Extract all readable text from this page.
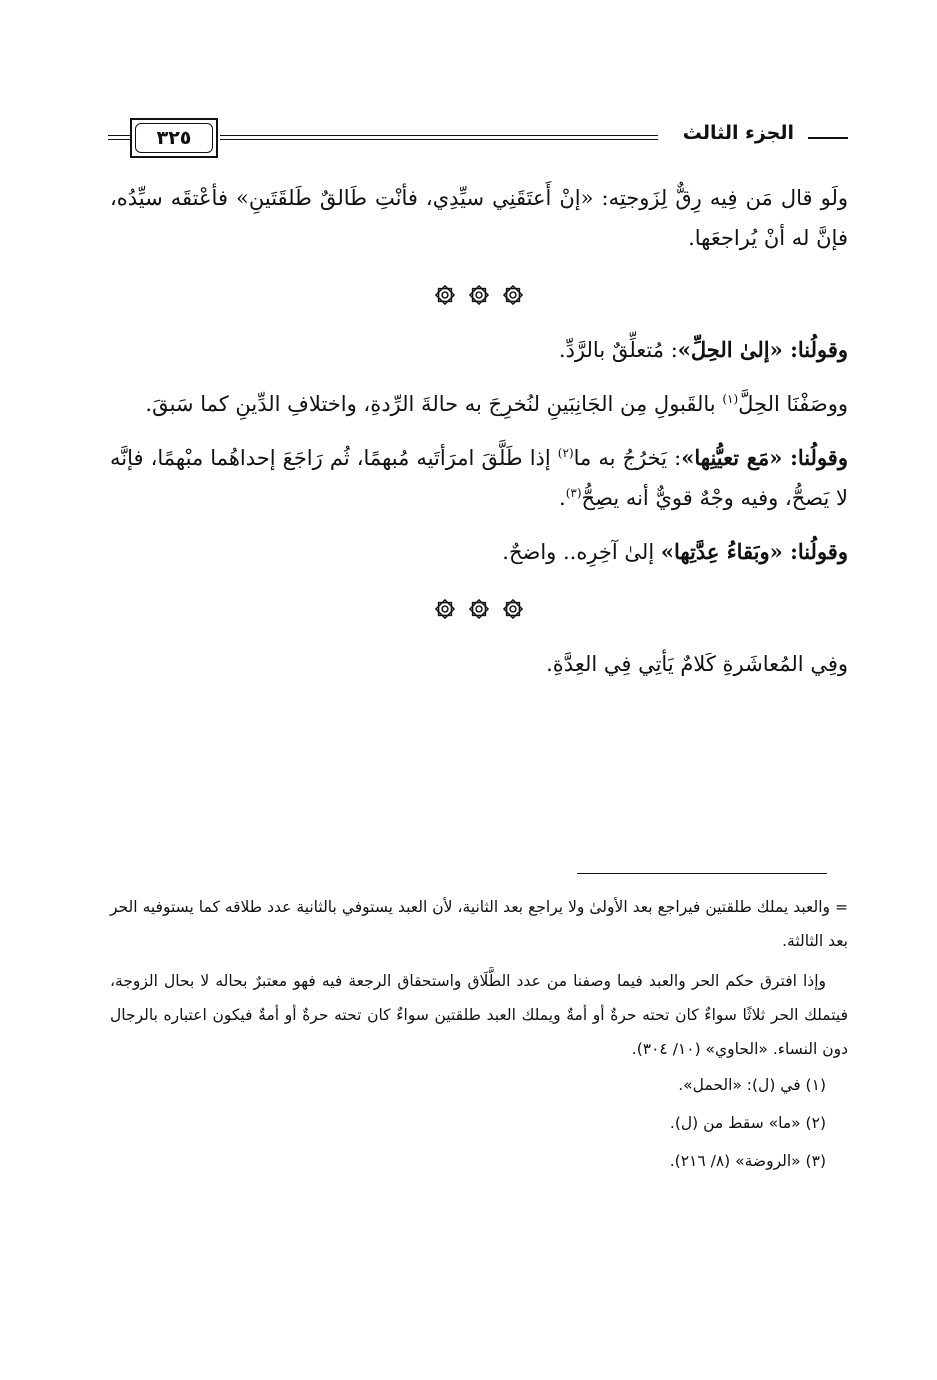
الجزء الثالث
٣٢٥

ولَو قال مَن فِيه رِقٌّ لِزَوجتِه: «إنْ أَعتَقَنِي سيِّدِي، فأنْتِ طَالقٌ طَلقَتَينِ» فأعْتقَه سيِّدُه، فإنَّ له أنْ يُراجعَها.

وقولُنا: «إلىٰ الحِلِّ»: مُتعلِّقٌ بالرَّدِّ.

ووصَفْنَا الحِلَّ$^{(١)}$ بالقَبولِ مِن الجَانِبَينِ لنُخرِجَ به حالةَ الرِّدةِ، واختلافِ الدِّينِ كما سَبقَ.

وقولُنا: «مَع تعيُّنِها»: يَخرُجُ به ما$^{(٢)}$ إذا طَلَّقَ امرَأتَيه مُبهمًا، ثُم رَاجَعَ إحداهُما مبْهمًا، فإنَّه لا يَصحُّ، وفيه وجْهٌ قويٌّ أنه يصِحُّ$^{(٣)}$.

وقولُنا: «وبَقاءُ عِدَّتِها» إلىٰ آخِرِه.. واضحٌ.

وفِي المُعاشَرةِ كَلامٌ يَأتِي فِي العِدَّةِ.

= والعبد يملك طلقتين فيراجع بعد الأولىٰ ولا يراجع بعد الثانية، لأن العبد يستوفي بالثانية عدد طلاقه كما يستوفيه الحر بعد الثالثة.

وإذا افترق حكم الحر والعبد فيما وصفنا من عدد الطَّلَاق واستحقاق الرجعة فيه فهو معتبرٌ بحاله لا بحال الزوجة، فيتملك الحر ثلاثًا سواءٌ كان تحته حرةٌ أو أمةٌ ويملك العبد طلقتين سواءٌ كان تحته حرةٌ أو أمةٌ فيكون اعتباره بالرجال دون النساء. «الحاوي» (١٠/ ٣٠٤).

(١) في (ل): «الحمل».

(٢) «ما» سقط من (ل).

(٣) «الروضة» (٨/ ٢١٦).
